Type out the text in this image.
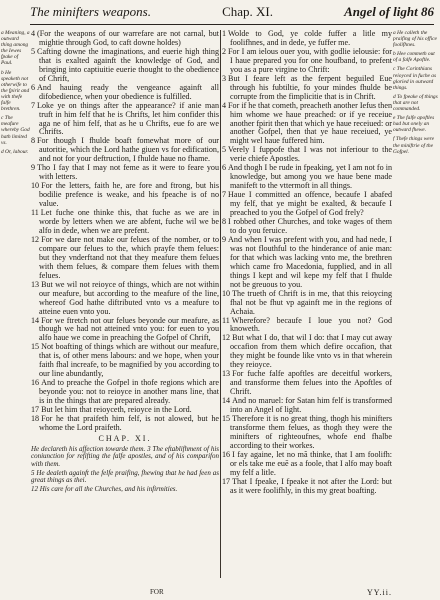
The minifters weapons.	Chap. XI.	Angel of light 86
a Meaning, a outward thing among the Iewes fpake of Paul.
b He speaketh not otherwife to the fpirit and with thefe falfe brethren.
c The meafure whereby God hath limited vs.
d Or, labour.

4 (For the weapons of our warrefare are not carnal, but mightie through God, to caft downe holdes)

5 Cafting downe the imaginations, and euerie high thing that is exalted againft the knowledge of God, and bringing into captiuitie euerie thought to the obedience of Chrift,

6 And hauing ready the vengeance againft all difobedience, when your obedience is fulfilled.

7 Loke ye on things after the appearance? if anie man truft in him felf that he is Chrifts, let him confider this aga ne of him felf, that as he u Chrifts, eue fo are we Chrifts.

8 For though I fhulde boaft fomewhat more of our autoritie, which the Lord hathe giuen vs for edification, and not for your deftruction, I fhulde haue no fhame.

9 Tho I fay that I may not feme as it were to feare you with letters.

10 For the letters, faith he, are fore and ftrong, but his bodilie prefence is weake, and his fpeache is of no value.

11 Let fuche one thinke this, that fuche as we are in worde by letters when we are abfent, fuche wil we be alfo in dede, when we are prefent.

12 For we dare not make our felues of the nomber, or to compare our felues to the, which prayfe them felues: but they vnderftand not that they meafure them felues with them felues, & compare them felues with them felues.

13 But we wil not reioyce of things, which are not within our meafure, but according to the meafure of the line, whereof God hathe diftributed vnto vs a meafure to atteine euen vnto you.

14 For we ftretch not our felues beyonde our meafure, as though we had not atteined vnto you: for euen to you alfo haue we come in preaching the Gofpel of Chrift,

15 Not boafting of things which are without our meafure, that is, of other mens labours: and we hope, when your faith fhal increafe, to be magnified by you according to our line abundantly,

16 And to preache the Gofpel in thofe regions which are beyonde you: not to reioyce in another mans line, that is in the things that are prepared already.

17 But let him that reioyceth, reioyce in the Lord.

18 For he that praifeth him felf, is not alowed, but he whome the Lord praifeth.

CHAP. XI.

He declareth his affection towarde them. 3 The eftablifhment of his coniunction for refifting the falfe apostles, and of his comparifon with them.

5 He dealeth againft the felfe praifing, fhewing that he had feen as great things as thei.

12 His care for all the Churches, and his infirmities.

1 Wolde to God, ye colde fuffer a litle my foolifhnes, and in dede, ye fuffer me.

2 For I am ielous ouer you, with godlie ielousie: for I haue prepared you for one houfband, to prefent you as a pure virgine to Chrift:

3 But I feare left as the ferpent beguiled Eue through his fubtiltie, fo your mindes fhulde be corrupte from the fimplicitie that is in Chrift.

4 For if he that cometh, preacheth another Iefus then him whome we haue preached: or if ye receiue another fpirit then that which ye haue receiued: or another Gofpel, then that ye haue receiued, ye might wel haue fuffered him.

5 Verely I fuppofe that I was not inferiour to the verie chiefe Apostles.

6 And thogh I be rude in fpeaking, yet I am not fo in knowledge, but among you we haue bene made manifeft to the vttermoft in all things.

7 Haue I committed an offence, becaufe I abafed my felf, that ye might be exalted, & becaufe I preached to you the Gofpel of God frely?

8 I robbed other Churches, and toke wages of them to do you feruice.

9 And when I was prefent with you, and had nede, I was not flouthful to the hinderance of anie man: for that which was lacking vnto me, the brethren which came fro Macedonia, fupplied, and in all things I kept and wil kepe my felf that I fhulde not be greuous to you.

10 The trueth of Chrift is in me, that this reioycing fhal not be fhut vp againft me in the regions of Achaia.

11 Wherefore? becaufe I loue you not? God knoweth.

12 But what I do, that wil I do: that I may cut away occafion from them which defire occafion, that they might be founde like vnto vs in that wherein they reioyce.

13 For fuche falfe apoftles are deceitful workers, and transforme them felues into the Apoftles of Chrift.

14 And no maruel: for Satan him felf is transformed into an Angel of light.

15 Therefore it is no great thing, thogh his minifters transforme them felues, as thogh they were the minifters of righteoufnes, whofe end fhalbe according to their workes.

16 I fay againe, let no mã thinke, that I am foolifh: or els take me euē as a foole, that I alfo may boaft my felf a litle.

17 That I fpeake, I fpeake it not after the Lord: but as it were foolifhly, in this my great boafting.

a He calleth the praifing of his office foolifhnes.
b Hee commeth out of a falfe Apoftle.
c The Corinthians reioyced in fuche as gloried in outward things.
d To fpeake of things that are not commanded.
e The falfe apoftles had but onely an outward fhewe.
f Thefe things were the miniftrie of the Gofpel.
FOR	YY.ii.
